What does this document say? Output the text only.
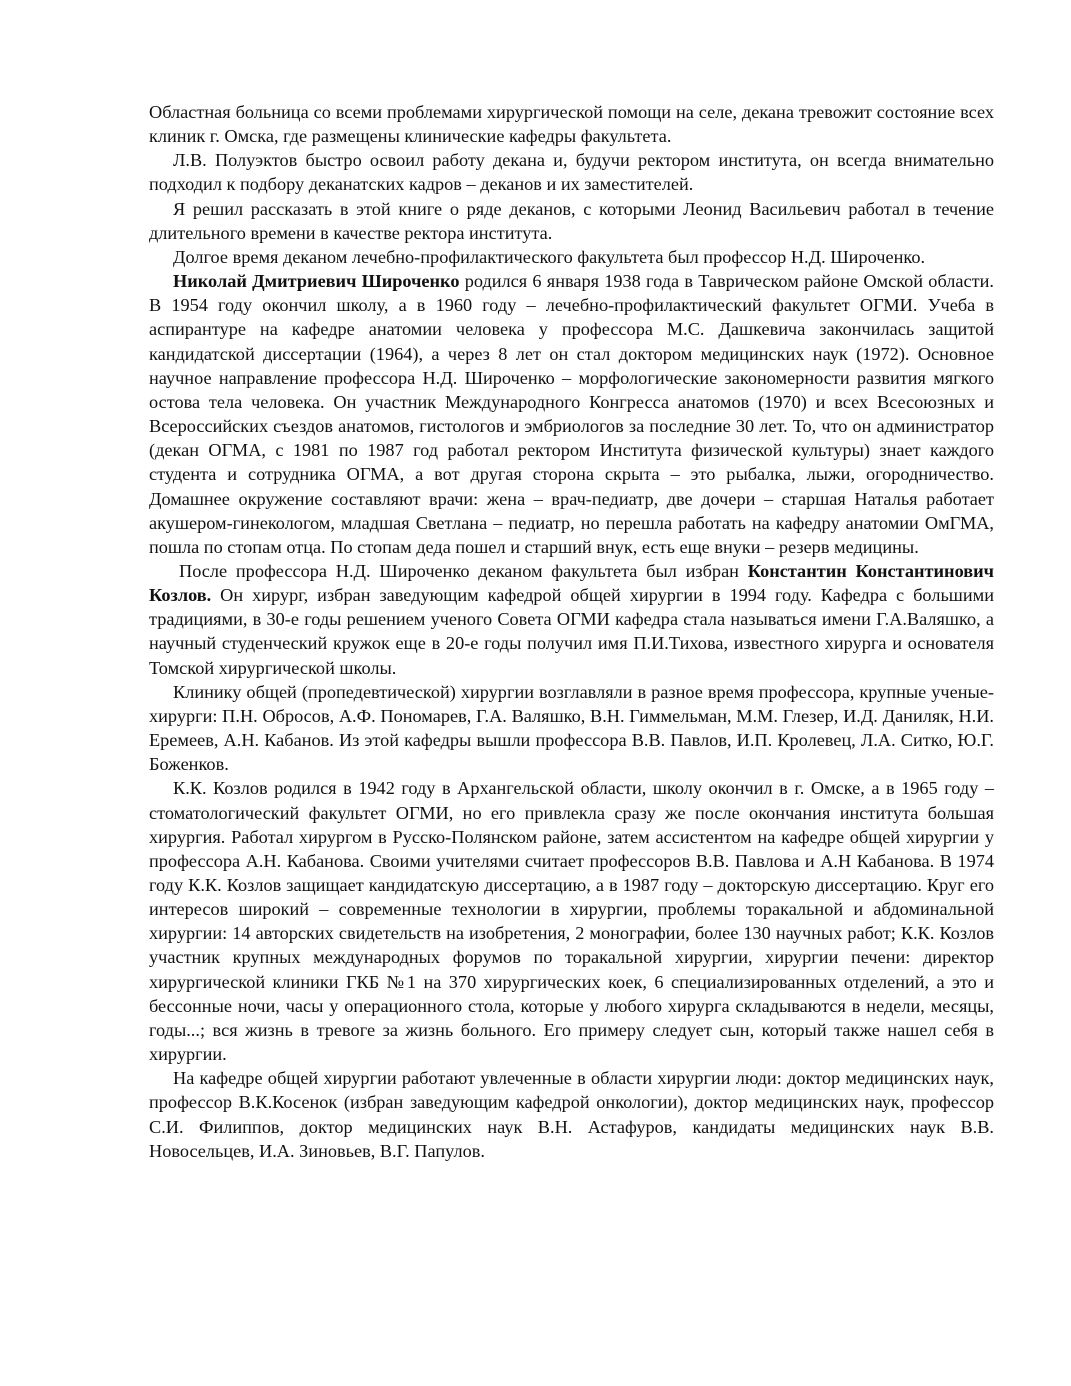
Областная больница со всеми проблемами хирургической помощи на селе, декана тревожит состояние всех клиник г. Омска, где размещены клинические кафедры факультета.

Л.В. Полуэктов быстро освоил работу декана и, будучи ректором института, он всегда внимательно подходил к подбору деканатских кадров – деканов и их заместителей.

Я решил рассказать в этой книге о ряде деканов, с которыми Леонид Васильевич работал в течение длительного времени в качестве ректора института.

Долгое время деканом лечебно-профилактического факультета был профессор Н.Д. Широченко.

Николай Дмитриевич Широченко родился 6 января 1938 года в Таврическом районе Омской области. В 1954 году окончил школу, а в 1960 году – лечебно-профилактический факультет ОГМИ. Учеба в аспирантуре на кафедре анатомии человека у профессора М.С. Дашкевича закончилась защитой кандидатской диссертации (1964), а через 8 лет он стал доктором медицинских наук (1972). Основное научное направление профессора Н.Д. Широченко – морфологические закономерности развития мягкого остова тела человека. Он участник Международного Конгресса анатомов (1970) и всех Всесоюзных и Всероссийских съездов анатомов, гистологов и эмбриологов за последние 30 лет. То, что он администратор (декан ОГМА, с 1981 по 1987 год работал ректором Института физической культуры) знает каждого студента и сотрудника ОГМА, а вот другая сторона скрыта – это рыбалка, лыжи, огородничество. Домашнее окружение составляют врачи: жена – врач-педиатр, две дочери – старшая Наталья работает акушером-гинекологом, младшая Светлана – педиатр, но перешла работать на кафедру анатомии ОмГМА, пошла по стопам отца. По стопам деда пошел и старший внук, есть еще внуки – резерв медицины.

После профессора Н.Д. Широченко деканом факультета был избран Константин Константинович Козлов. Он хирург, избран заведующим кафедрой общей хирургии в 1994 году. Кафедра с большими традициями, в 30-е годы решением ученого Совета ОГМИ кафедра стала называться имени Г.А.Валяшко, а научный студенческий кружок еще в 20-е годы получил имя П.И.Тихова, известного хирурга и основателя Томской хирургической школы.

Клинику общей (пропедевтической) хирургии возглавляли в разное время профессора, крупные ученые-хирурги: П.Н. Обросов, А.Ф. Пономарев, Г.А. Валяшко, В.Н. Гиммельман, М.М. Глезер, И.Д. Даниляк, Н.И. Еремеев, А.Н. Кабанов. Из этой кафедры вышли профессора В.В. Павлов, И.П. Кролевец, Л.А. Ситко, Ю.Г. Боженков.

К.К. Козлов родился в 1942 году в Архангельской области, школу окончил в г. Омске, а в 1965 году – стоматологический факультет ОГМИ, но его привлекла сразу же после окончания института большая хирургия. Работал хирургом в Русско-Полянском районе, затем ассистентом на кафедре общей хирургии у профессора А.Н. Кабанова. Своими учителями считает профессоров В.В. Павлова и А.Н Кабанова. В 1974 году К.К. Козлов защищает кандидатскую диссертацию, а в 1987 году – докторскую диссертацию. Круг его интересов широкий – современные технологии в хирургии, проблемы торакальной и абдоминальной хирургии: 14 авторских свидетельств на изобретения, 2 монографии, более 130 научных работ; К.К. Козлов участник крупных международных форумов по торакальной хирургии, хирургии печени: директор хирургической клиники ГКБ №1 на 370 хирургических коек, 6 специализированных отделений, а это и бессонные ночи, часы у операционного стола, которые у любого хирурга складываются в недели, месяцы, годы...; вся жизнь в тревоге за жизнь больного. Его примеру следует сын, который также нашел себя в хирургии.

На кафедре общей хирургии работают увлеченные в области хирургии люди: доктор медицинских наук, профессор В.К.Косенок (избран заведующим кафедрой онкологии), доктор медицинских наук, профессор С.И. Филиппов, доктор медицинских наук В.Н. Астафуров, кандидаты медицинских наук В.В. Новосельцев, И.А. Зиновьев, В.Г. Папулов.
